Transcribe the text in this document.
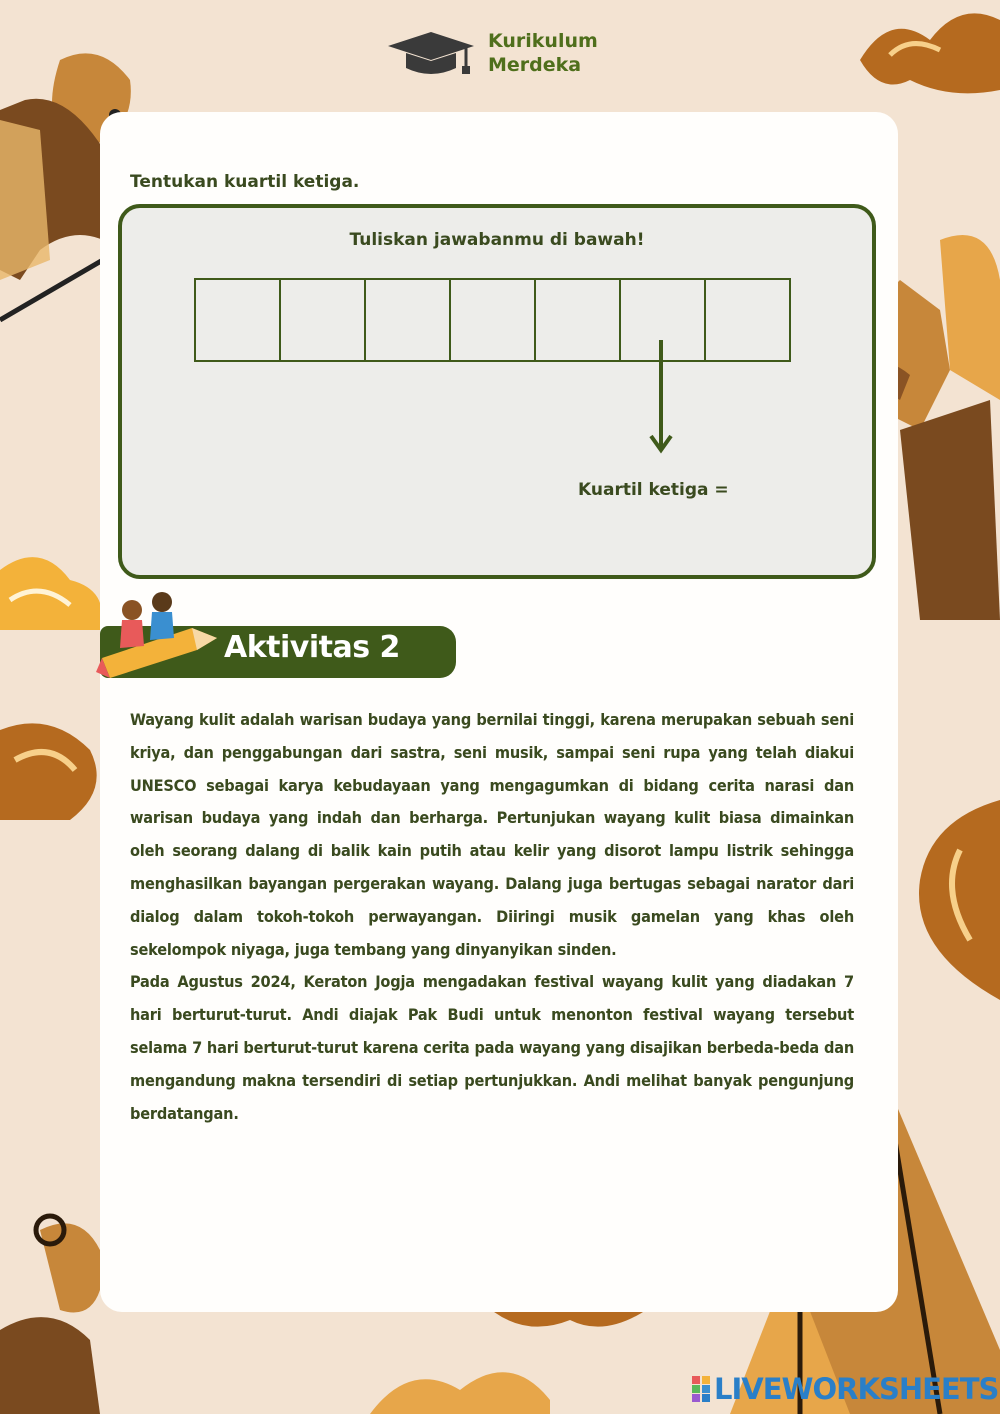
Kurikulum
Merdeka
Tentukan kuartil ketiga.
Tuliskan jawabanmu di bawah!
Kuartil ketiga =
Aktivitas 2

Wayang kulit adalah warisan budaya yang bernilai tinggi, karena merupakan sebuah seni kriya, dan penggabungan dari sastra, seni musik, sampai seni rupa yang telah diakui UNESCO sebagai karya kebudayaan yang mengagumkan di bidang cerita narasi dan warisan budaya yang indah dan berharga. Pertunjukan wayang kulit biasa dimainkan oleh seorang dalang di balik kain putih atau kelir yang disorot lampu listrik sehingga menghasilkan bayangan pergerakan wayang. Dalang juga bertugas sebagai narator dari dialog dalam tokoh-tokoh perwayangan. Diiringi musik gamelan yang khas oleh sekelompok niyaga, juga tembang yang dinyanyikan sinden.

Pada Agustus 2024, Keraton Jogja mengadakan festival wayang kulit yang diadakan 7 hari berturut-turut. Andi diajak Pak Budi untuk menonton festival wayang tersebut selama 7 hari berturut-turut karena cerita pada wayang yang disajikan berbeda-beda dan mengandung makna tersendiri di setiap pertunjukkan. Andi melihat banyak pengunjung berdatangan.

LIVEWORKSHEETS
